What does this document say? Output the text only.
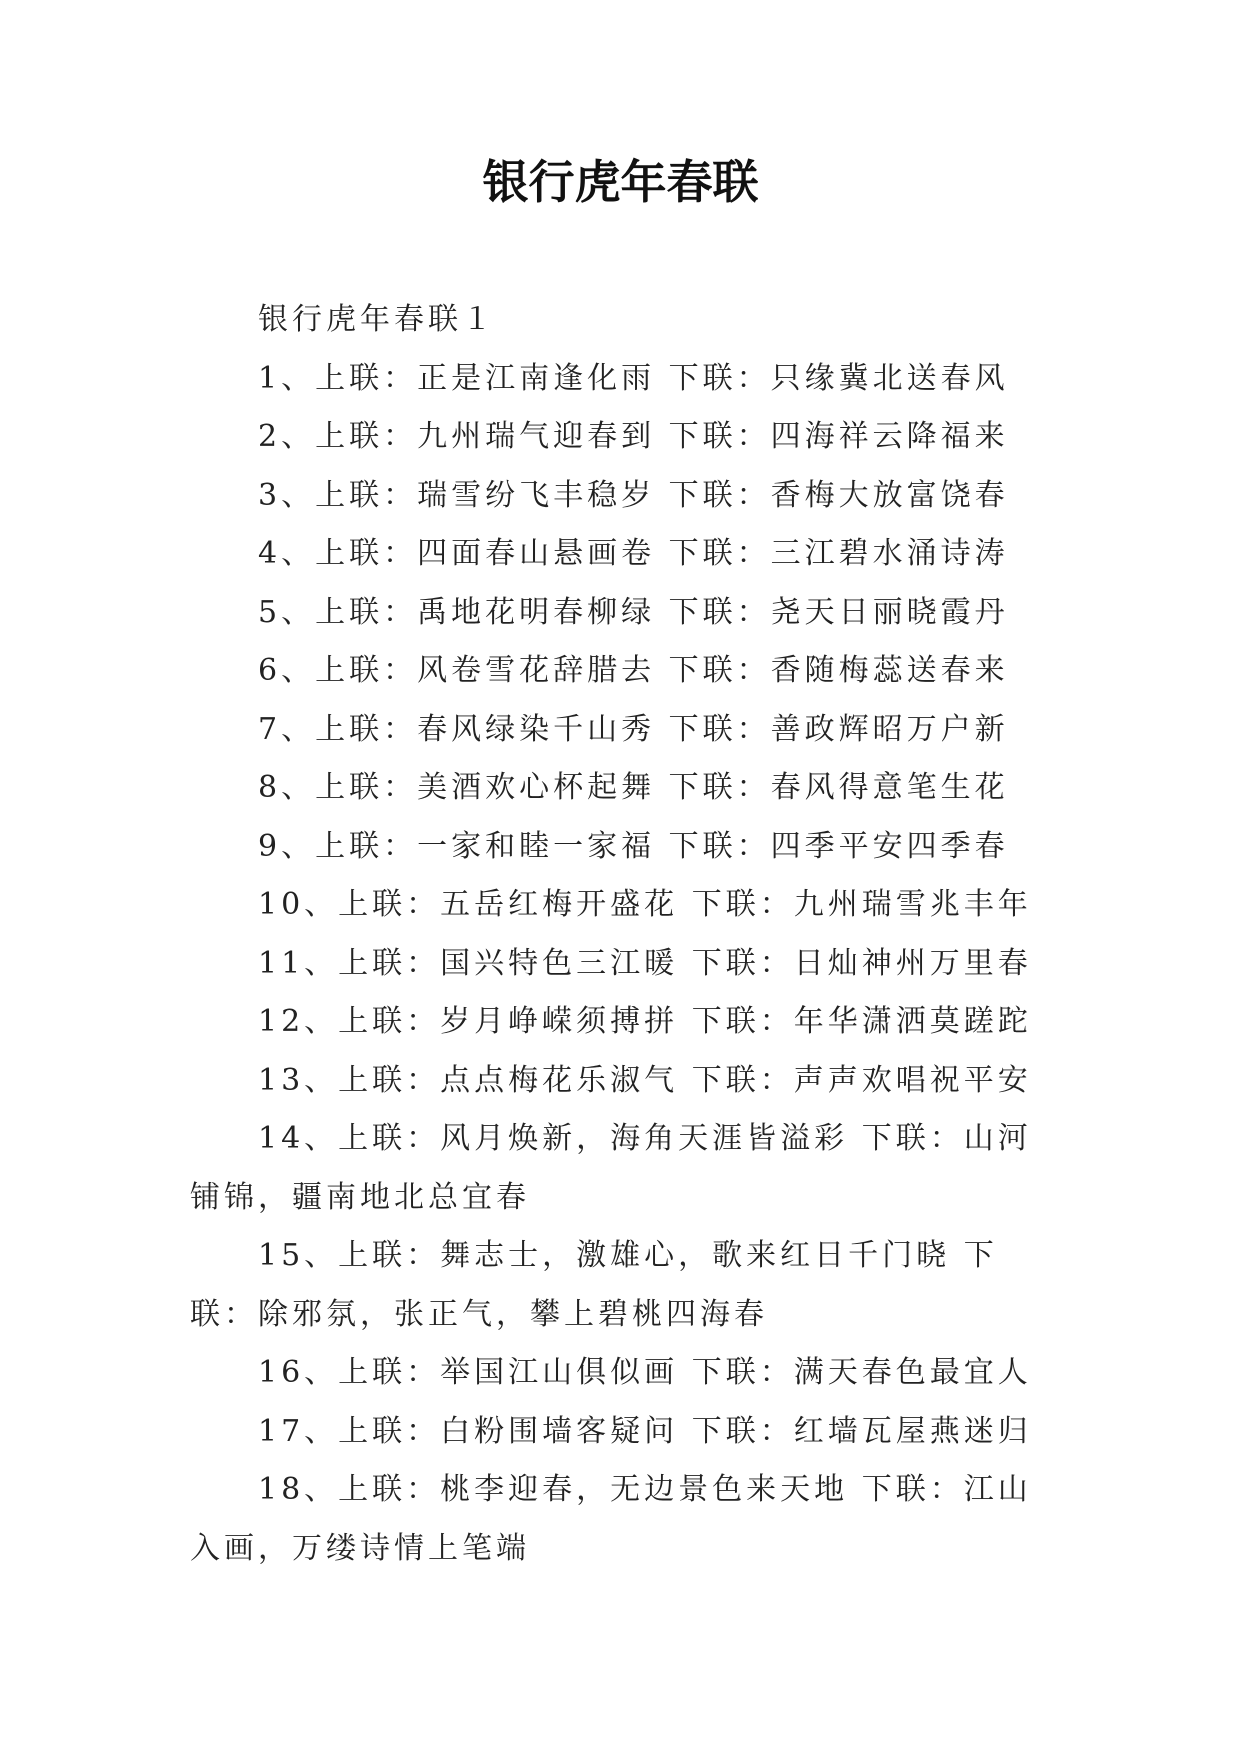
银行虎年春联

银行虎年春联１

1、上联：正是江南逢化雨 下联：只缘冀北送春风

2、上联：九州瑞气迎春到 下联：四海祥云降福来

3、上联：瑞雪纷飞丰稳岁 下联：香梅大放富饶春

4、上联：四面春山悬画卷 下联：三江碧水涌诗涛

5、上联：禹地花明春柳绿 下联：尧天日丽晓霞丹

6、上联：风卷雪花辞腊去 下联：香随梅蕊送春来

7、上联：春风绿染千山秀 下联：善政辉昭万户新

8、上联：美酒欢心杯起舞 下联：春风得意笔生花

9、上联：一家和睦一家福 下联：四季平安四季春

10、上联：五岳红梅开盛花 下联：九州瑞雪兆丰年

11、上联：国兴特色三江暖 下联：日灿神州万里春

12、上联：岁月峥嵘须搏拼 下联：年华潇洒莫蹉跎

13、上联：点点梅花乐淑气 下联：声声欢唱祝平安

14、上联：风月焕新，海角天涯皆溢彩 下联：山河铺锦，疆南地北总宜春

15、上联：舞志士，激雄心，歌来红日千门晓 下联：除邪氛，张正气，攀上碧桃四海春

16、上联：举国江山俱似画 下联：满天春色最宜人

17、上联：白粉围墙客疑问 下联：红墙瓦屋燕迷归

18、上联：桃李迎春，无边景色来天地 下联：江山入画，万缕诗情上笔端
